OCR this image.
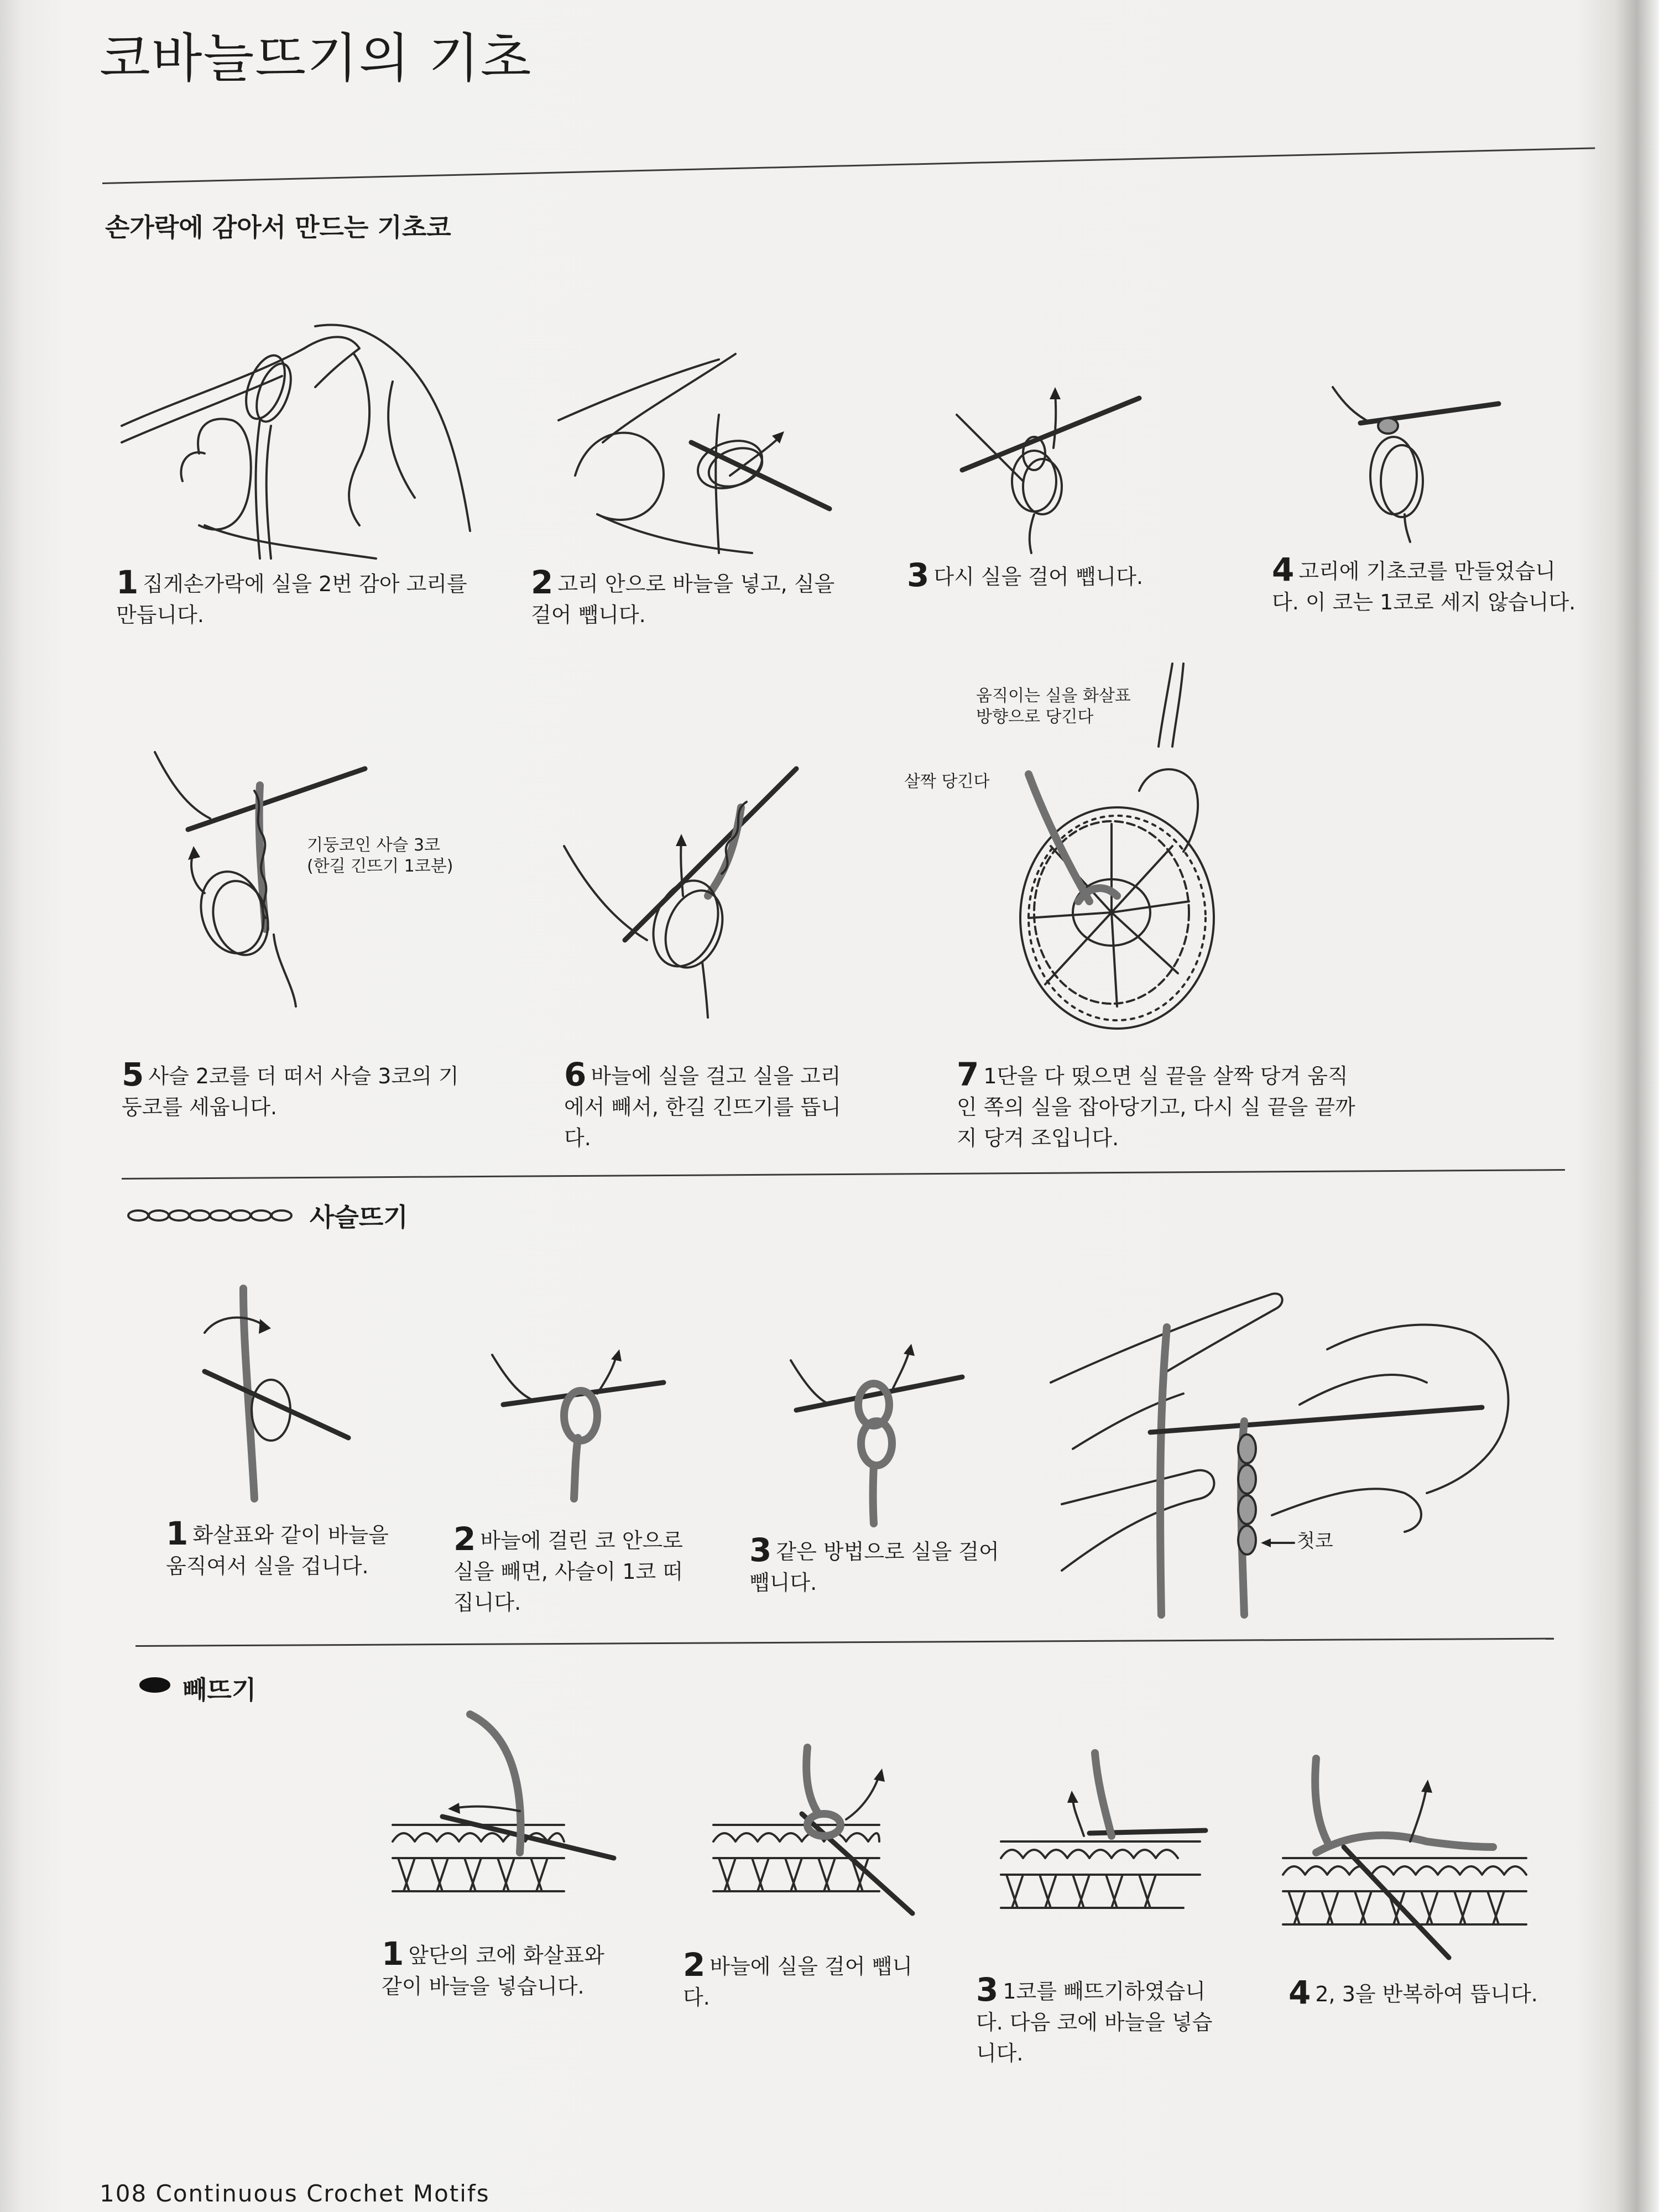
코바늘뜨기의 기초
손가락에 감아서 만드는 기초코
1 집게손가락에 실을 2번 감아 고리를 만듭니다.
2 고리 안으로 바늘을 넣고, 실을 걸어 뺍니다.
3 다시 실을 걸어 뺍니다.	4 고리에 기초코를 만들었습니다. 이 코는 1코로 세지 않습니다.
기둥코인 사슬 3코
(한길 긴뜨기 1코분)
움직이는 실을 화살표
방향으로 당긴다
살짝 당긴다
5 사슬 2코를 더 떠서 사슬 3코의 기둥코를 세웁니다.
6 바늘에 실을 걸고 실을 고리에서 빼서, 한길 긴뜨기를 뜹니다.
7 1단을 다 떴으면 실 끝을 살짝 당겨 움직인 쪽의 실을 잡아당기고, 다시 실 끝을 끝까지 당겨 조입니다.
사슬뜨기
첫코
1 화살표와 같이 바늘을 움직여서 실을 겁니다.
2 바늘에 걸린 코 안으로 실을 빼면, 사슬이 1코 떠집니다.
3 같은 방법으로 실을 걸어 뺍니다.
빼뜨기
1 앞단의 코에 화살표와 같이 바늘을 넣습니다.
2 바늘에 실을 걸어 뺍니다.	3 1코를 빼뜨기하였습니다. 다음 코에 바늘을 넣습니다.
4 2, 3을 반복하여 뜹니다.
108 Continuous Crochet Motifs
